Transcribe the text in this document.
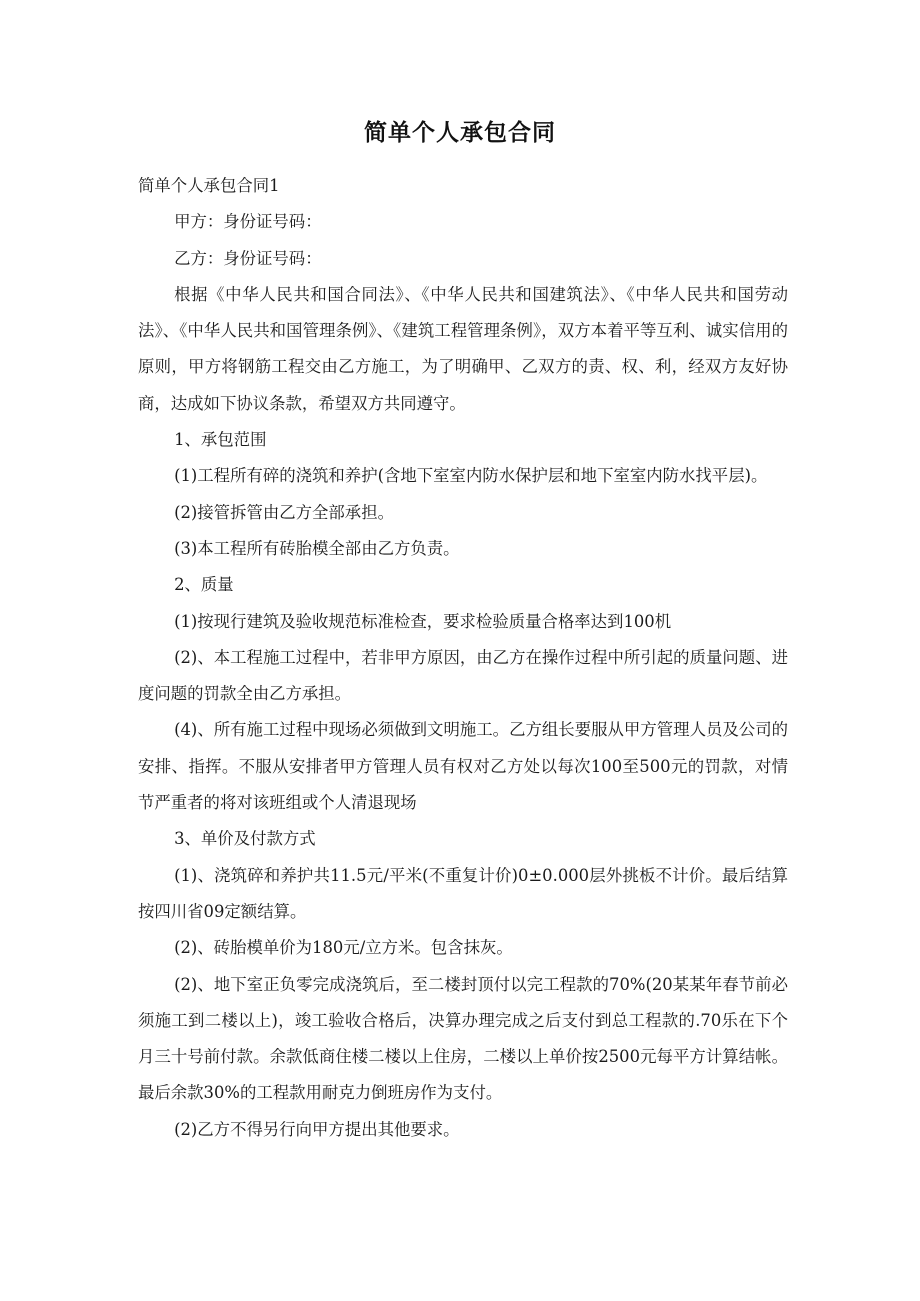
简单个人承包合同

简单个人承包合同1

甲方：身份证号码：

乙方：身份证号码：

根据《中华人民共和国合同法》、《中华人民共和国建筑法》、《中华人民共和国劳动法》、《中华人民共和国管理条例》、《建筑工程管理条例》，双方本着平等互利、诚实信用的原则，甲方将钢筋工程交由乙方施工，为了明确甲、乙双方的责、权、利，经双方友好协商，达成如下协议条款，希望双方共同遵守。

1、承包范围

(1)工程所有碎的浇筑和养护(含地下室室内防水保护层和地下室室内防水找平层)。

(2)接管拆管由乙方全部承担。

(3)本工程所有砖胎模全部由乙方负责。

2、质量

(1)按现行建筑及验收规范标准检查，要求检验质量合格率达到100机

(2)、本工程施工过程中，若非甲方原因，由乙方在操作过程中所引起的质量问题、进度问题的罚款全由乙方承担。

(4)、所有施工过程中现场必须做到文明施工。乙方组长要服从甲方管理人员及公司的安排、指挥。不服从安排者甲方管理人员有权对乙方处以每次100至500元的罚款，对情节严重者的将对该班组或个人清退现场

3、单价及付款方式

(1)、浇筑碎和养护共11.5元/平米(不重复计价)0±0.000层外挑板不计价。最后结算按四川省09定额结算。

(2)、砖胎模单价为180元/立方米。包含抹灰。

(2)、地下室正负零完成浇筑后，至二楼封顶付以完工程款的70%(20某某年春节前必须施工到二楼以上)，竣工验收合格后，决算办理完成之后支付到总工程款的.70乐在下个月三十号前付款。余款低商住楼二楼以上住房，二楼以上单价按2500元每平方计算结帐。最后余款30%的工程款用耐克力倒班房作为支付。

(2)乙方不得另行向甲方提出其他要求。
